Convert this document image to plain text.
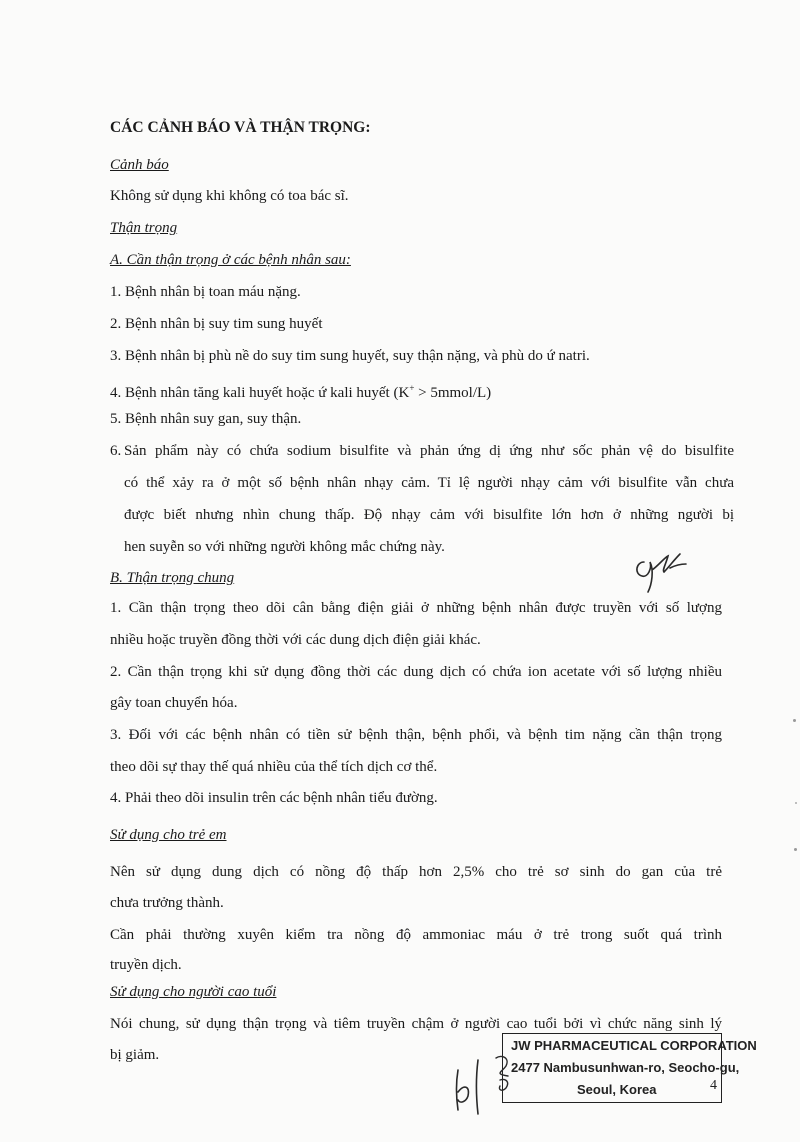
CÁC CẢNH BÁO VÀ THẬN TRỌNG:
Cảnh báo
Không sử dụng khi không có toa bác sĩ.
Thận trọng
A. Cần thận trọng ở các bệnh nhân sau:
1. Bệnh nhân bị toan máu nặng.
2. Bệnh nhân bị suy tim sung huyết
3. Bệnh nhân bị phù nề do suy tim sung huyết, suy thận nặng, và phù do ứ natri.
4. Bệnh nhân tăng kali huyết hoặc ứ kali huyết (K+ > 5mmol/L)
5. Bệnh nhân suy gan, suy thận.
6. Sản phẩm này có chứa sodium bisulfite và phản ứng dị ứng như sốc phản vệ do bisulfite
có thể xảy ra ở một số bệnh nhân nhạy cảm. Tỉ lệ người nhạy cảm với bisulfite vẫn chưa
được biết nhưng nhìn chung thấp. Độ nhạy cảm với bisulfite lớn hơn ở những người bị
hen suyễn so với những người không mắc chứng này.
B. Thận trọng chung
1. Cần thận trọng theo dõi cân bằng điện giải ở những bệnh nhân được truyền với số lượng
nhiều hoặc truyền đồng thời với các dung dịch điện giải khác.
2. Cần thận trọng khi sử dụng đồng thời các dung dịch có chứa ion acetate với số lượng nhiều
gây toan chuyển hóa.
3. Đối với các bệnh nhân có tiền sử bệnh thận, bệnh phổi, và bệnh tim nặng cần thận trọng
theo dõi sự thay thế quá nhiều của thể tích dịch cơ thể.
4. Phải theo dõi insulin trên các bệnh nhân tiểu đường.
Sử dụng cho trẻ em
Nên sử dụng dung dịch có nồng độ thấp hơn 2,5% cho trẻ sơ sinh do gan của trẻ
chưa trưởng thành.
Cần phải thường xuyên kiểm tra nồng độ ammoniac máu ở trẻ trong suốt quá trình
truyền dịch.
Sử dụng cho người cao tuổi
Nói chung, sử dụng thận trọng và tiêm truyền chậm ở người cao tuổi bởi vì chức năng sinh lý
bị giảm.
JW PHARMACEUTICAL CORPORATION
2477 Nambusunhwan-ro, Seocho-gu,
Seoul, Korea	4
